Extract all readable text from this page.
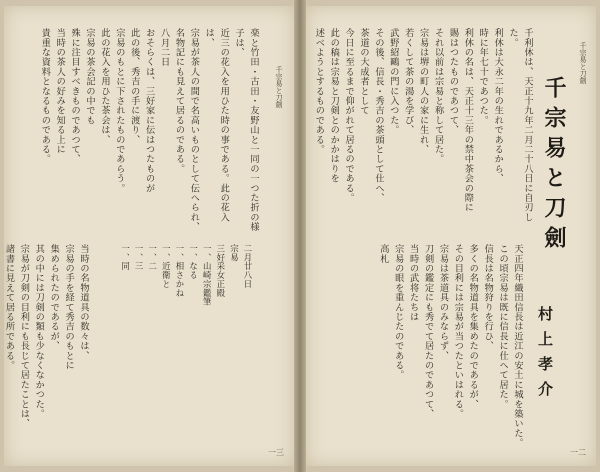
千宗易と刀劍
一三
楽と竹田・古田・友野山と一同の一つた折の様子は、
近三の花入を用ひた時の事である。此の花入は、
宗易が茶人の間で名高いものとして伝へられ、
名物記にも見えて居るのである。
八月二日
おそらくは、三好家に伝はつたものが
此の後、秀吉の手に渡り、
宗易のもとに下されたものであらう。
此の花入を用ひた茶会は、
宗易の茶会記の中でも
殊に注目すべきものであつて、
当時の茶人の好みを知る上に
貴重な資料となるものである。
二月廿八日
宗易
三好采女正殿
一、山崎宗鑑筆
一、なる
一、相さかね
一、近衛と
一、二
一、三
一、同
当時の名物道具の数々は、
宗易の手を経て秀吉のもとに
集められたのであるが、
其の中には刀剣の類も少なくなかつた。
宗易が刀剣の目利にも長じて居たことは、
諸書に見えて居る所である。

千宗易と刀劍
一二
千宗易と刀劍
千利休は、天正十九年二月二十八日に自刃した。
利休は大永二年の生れであるから、
時に年七十であつた。
利休の名は、天正十三年の禁中茶会の際に
賜はつたものであつて、
それ以前は宗易と称して居た。
宗易は堺の町人の家に生れ、
若くして茶の湯を学び、
武野紹鷗の門に入つた。
その後、信長・秀吉の茶頭として仕へ、
茶道の大成者として
今日に至るまで仰がれて居るのである。
此の稿は宗易と刀剣とのかかはりを
述べようとするものである。
村上孝介
天正四年織田信長は近江の安土に城を築いた。
この頃宗易は既に信長に仕へて居た。
信長は名物狩りを行ひ、
多くの名物道具を集めたのであるが、
その目利には宗易が当つたといはれる。
宗易は茶道具のみならず、
刀剣の鑑定にも秀でて居たのであつて、
当時の武将たちは
宗易の眼を重んじたのである。
高札
